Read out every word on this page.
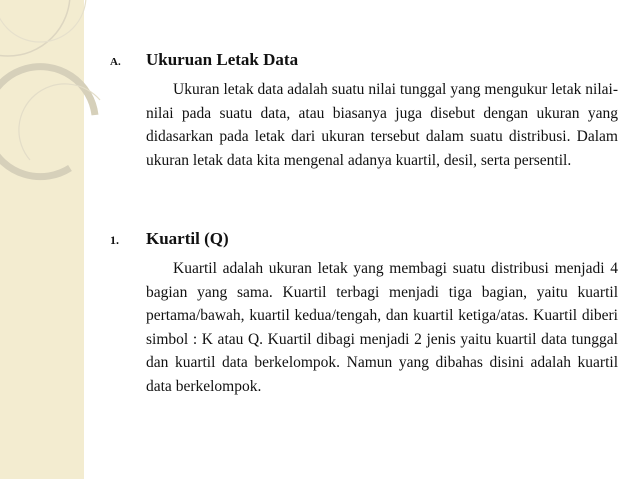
A.	Ukuruan Letak Data
Ukuran letak data adalah suatu nilai tunggal yang mengukur letak nilai-nilai pada suatu data, atau biasanya juga disebut dengan ukuran yang didasarkan pada letak dari ukuran tersebut dalam suatu distribusi. Dalam ukuran letak data kita mengenal adanya kuartil, desil, serta persentil.
1.	Kuartil (Q)
Kuartil adalah ukuran letak yang membagi suatu distribusi menjadi 4 bagian yang sama. Kuartil terbagi menjadi tiga bagian, yaitu kuartil pertama/bawah, kuartil kedua/tengah, dan kuartil ketiga/atas. Kuartil diberi simbol : K atau Q. Kuartil dibagi menjadi 2 jenis yaitu kuartil data tunggal dan kuartil data berkelompok. Namun yang dibahas disini adalah kuartil data berkelompok.
